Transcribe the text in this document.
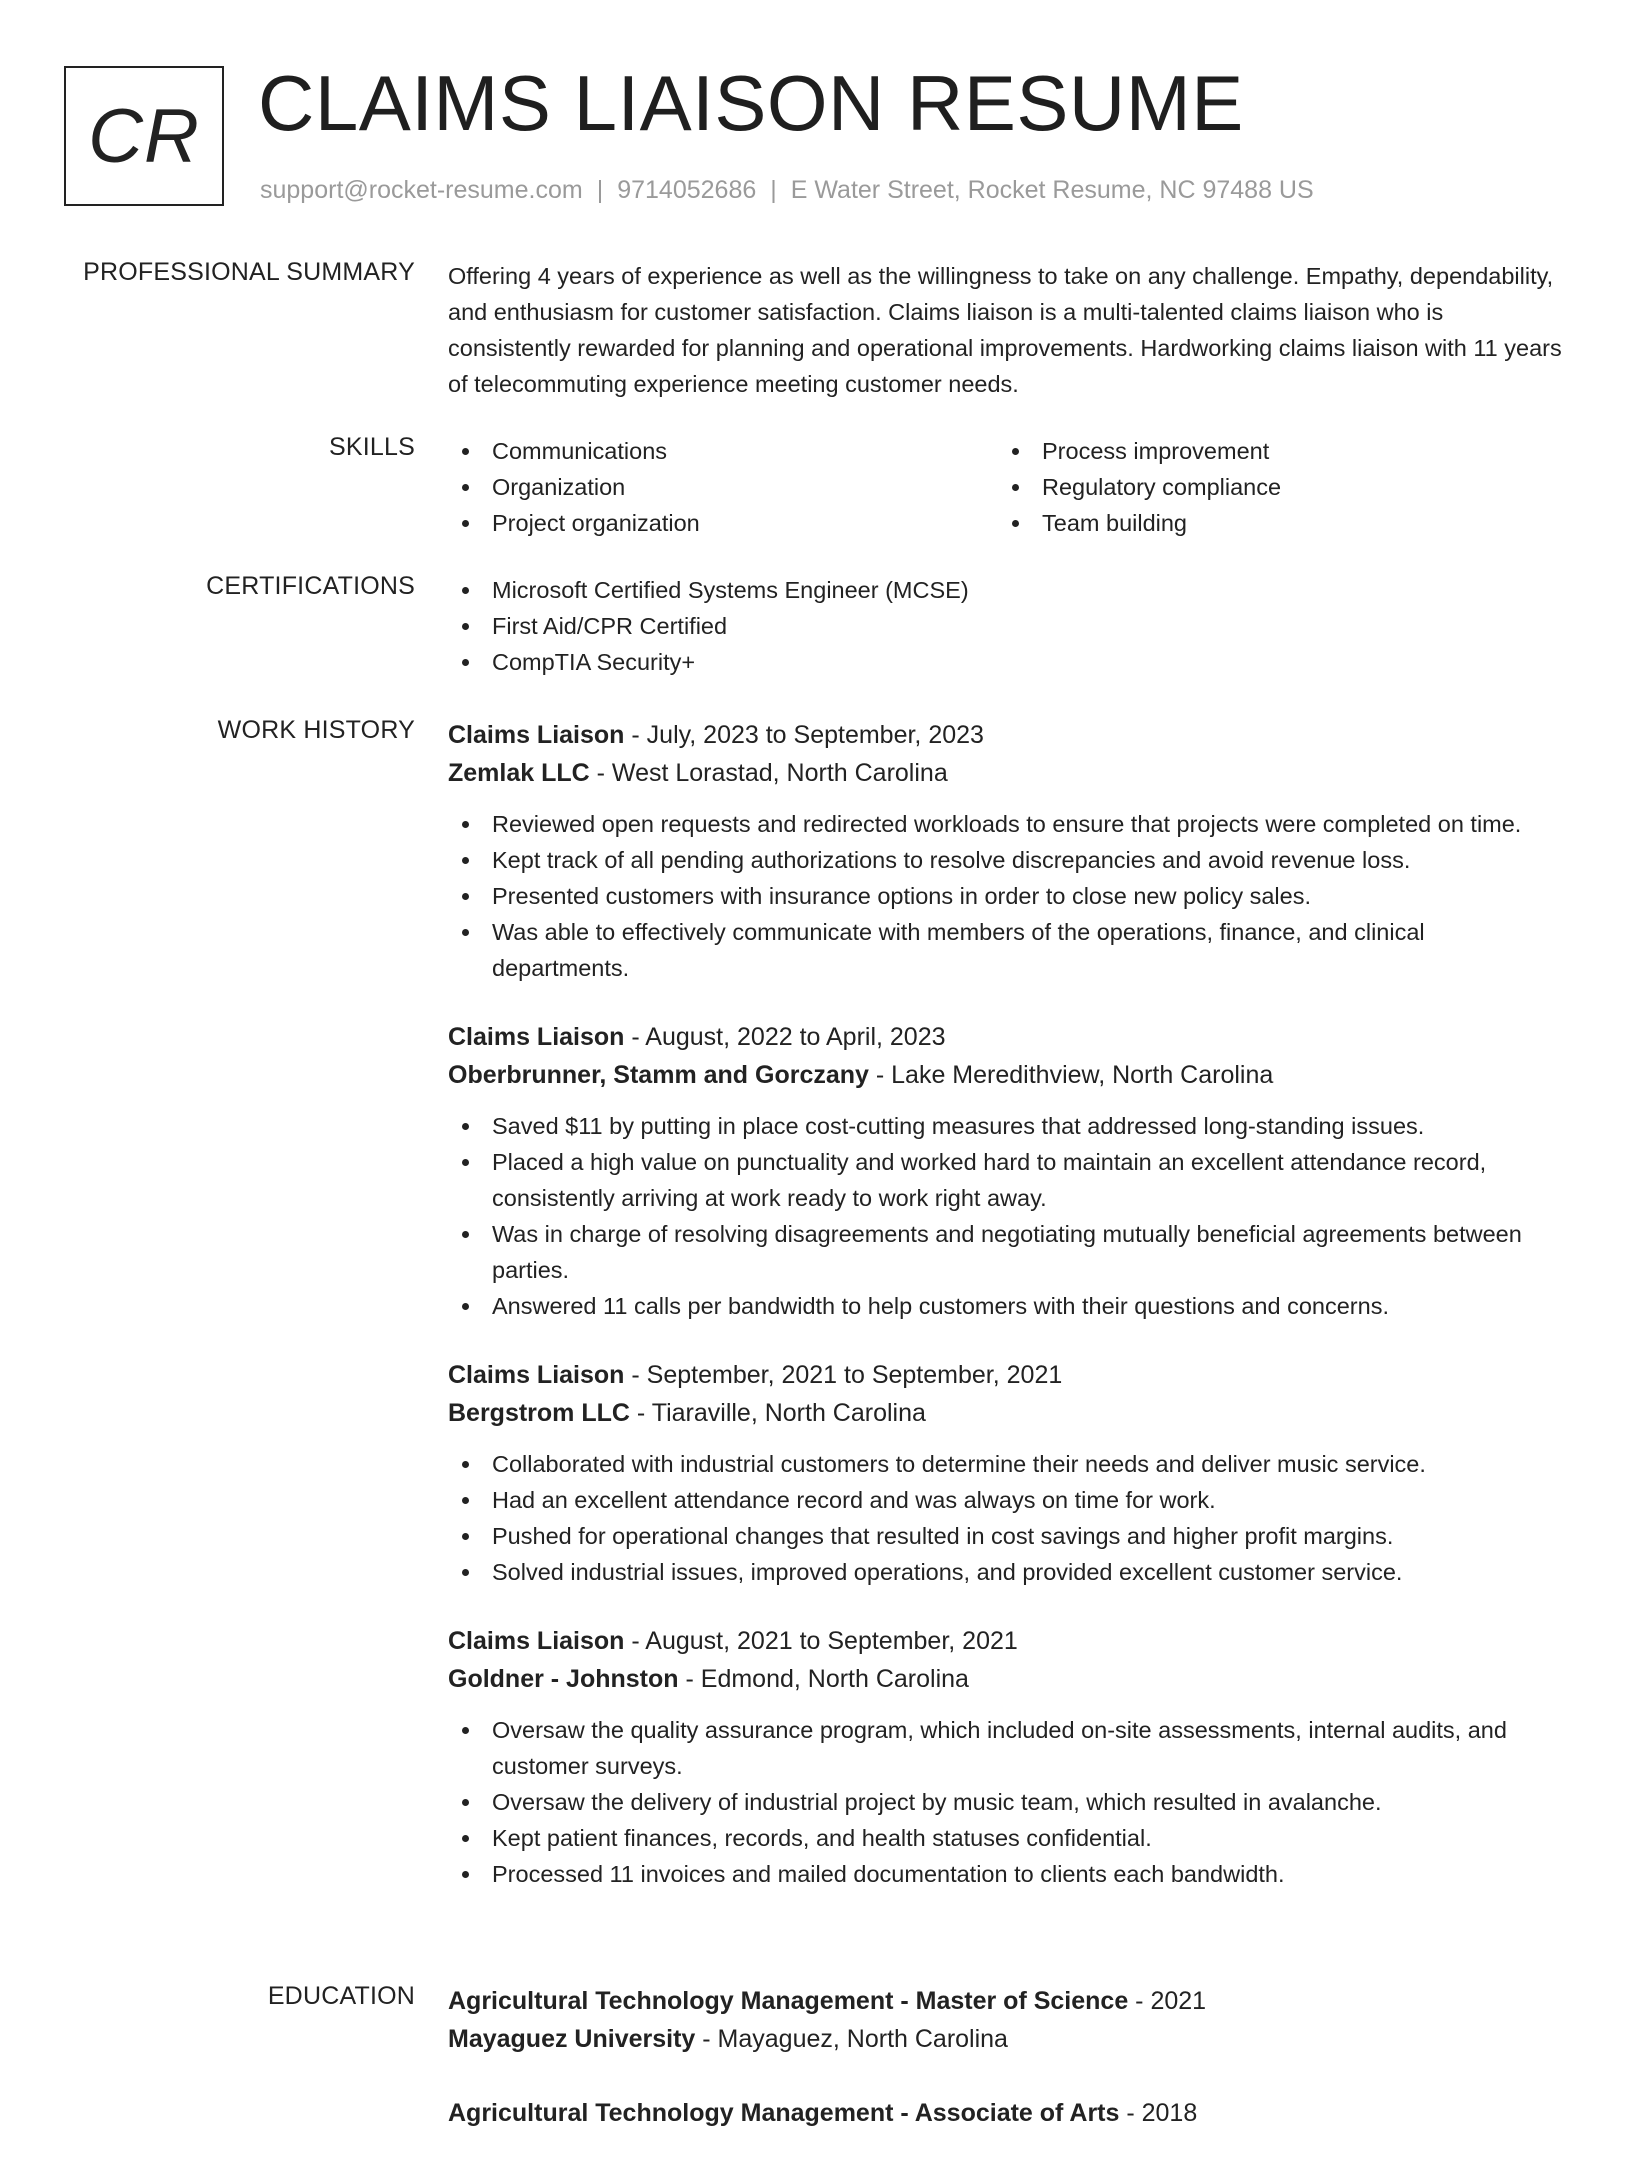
CR CLAIMS LIAISON RESUME
support@rocket-resume.com | 9714052686 | E Water Street, Rocket Resume, NC 97488 US
PROFESSIONAL SUMMARY Offering 4 years of experience as well as the willingness to take on any challenge. Empathy, dependability, and enthusiasm for customer satisfaction. Claims liaison is a multi-talented claims liaison who is consistently rewarded for planning and operational improvements. Hardworking claims liaison with 11 years of telecommuting experience meeting customer needs.

SKILLS	Communications
Organization
Project organization
Process improvement
Regulatory compliance
Team building
CERTIFICATIONS	Microsoft Certified Systems Engineer (MCSE)
First Aid/CPR Certified
CompTIA Security+
WORK HISTORY Claims Liaison - July, 2023 to September, 2023
Zemlak LLC - West Lorastad, North Carolina
Reviewed open requests and redirected workloads to ensure that projects were completed on time.
Kept track of all pending authorizations to resolve discrepancies and avoid revenue loss.
Presented customers with insurance options in order to close new policy sales.
Was able to effectively communicate with members of the operations, finance, and clinical departments.
Claims Liaison - August, 2022 to April, 2023
Oberbrunner, Stamm and Gorczany - Lake Meredithview, North Carolina
Saved $11 by putting in place cost-cutting measures that addressed long-standing issues.
Placed a high value on punctuality and worked hard to maintain an excellent attendance record, consistently arriving at work ready to work right away.
Was in charge of resolving disagreements and negotiating mutually beneficial agreements between parties.
Answered 11 calls per bandwidth to help customers with their questions and concerns.
Claims Liaison - September, 2021 to September, 2021
Bergstrom LLC - Tiaraville, North Carolina
Collaborated with industrial customers to determine their needs and deliver music service.
Had an excellent attendance record and was always on time for work.
Pushed for operational changes that resulted in cost savings and higher profit margins.
Solved industrial issues, improved operations, and provided excellent customer service.
Claims Liaison - August, 2021 to September, 2021
Goldner - Johnston - Edmond, North Carolina
Oversaw the quality assurance program, which included on-site assessments, internal audits, and customer surveys.
Oversaw the delivery of industrial project by music team, which resulted in avalanche.
Kept patient finances, records, and health statuses confidential.
Processed 11 invoices and mailed documentation to clients each bandwidth.
EDUCATION Agricultural Technology Management - Master of Science - 2021
Mayaguez University - Mayaguez, North Carolina
Agricultural Technology Management - Associate of Arts - 2018
